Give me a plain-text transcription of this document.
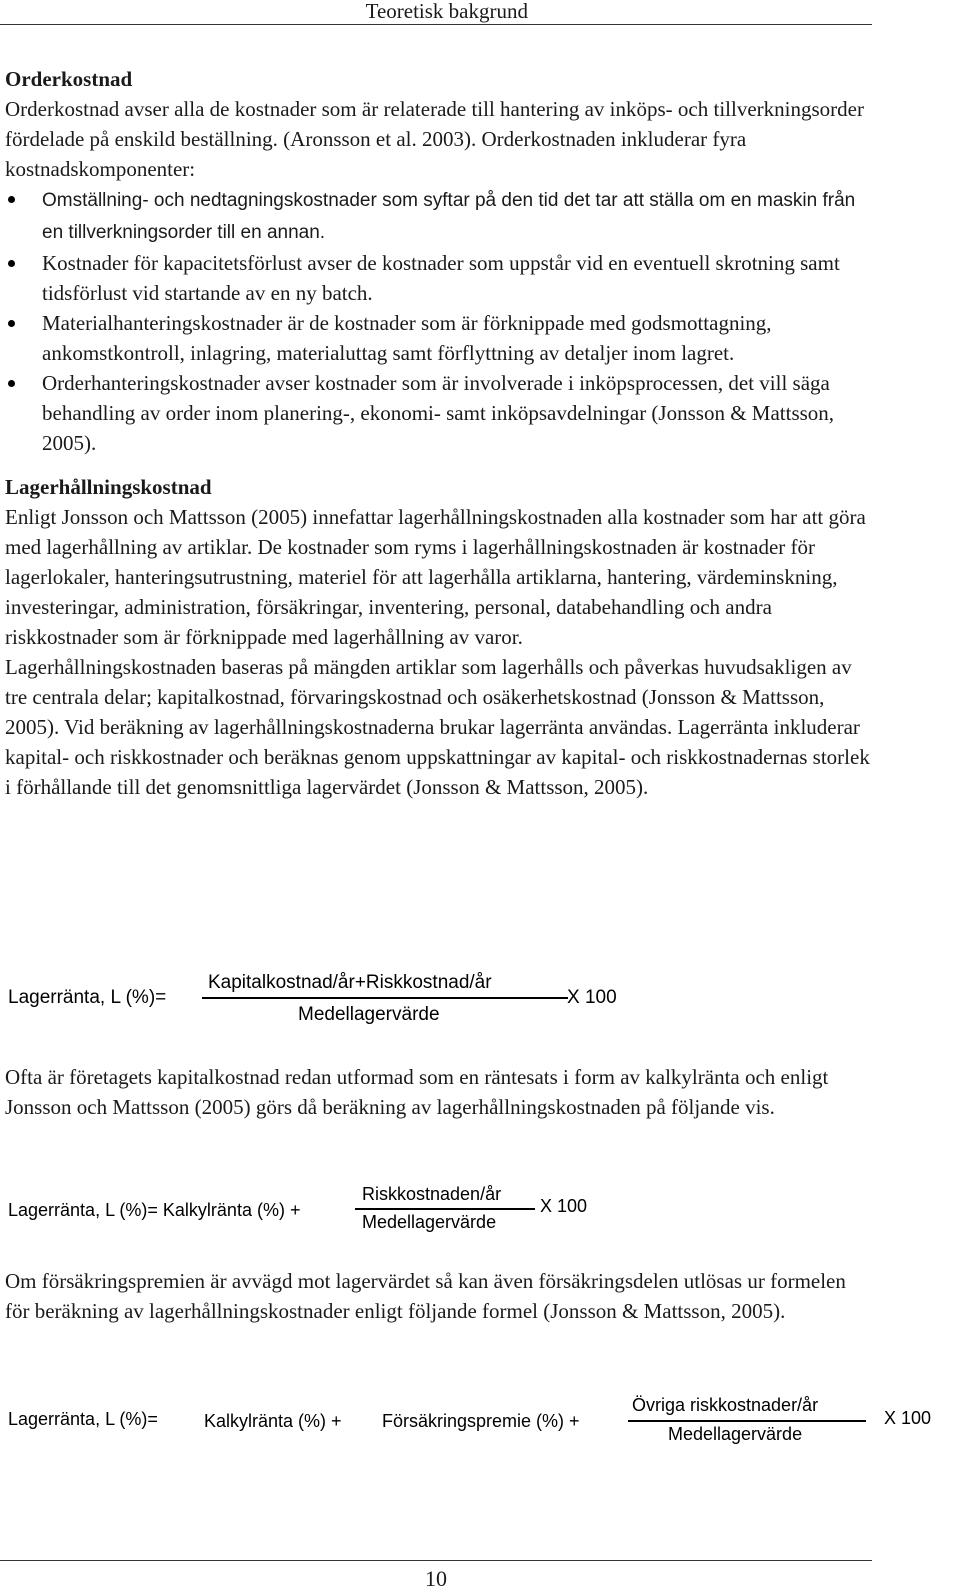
Teoretisk bakgrund
Orderkostnad

Orderkostnad avser alla de kostnader som är relaterade till hantering av inköps- och tillverkningsorder fördelade på enskild beställning. (Aronsson et al. 2003). Orderkostnaden inkluderar fyra kostnadskomponenter:

Omställning- och nedtagningskostnader som syftar på den tid det tar att ställa om en maskin från en tillverkningsorder till en annan.
Kostnader för kapacitetsförlust avser de kostnader som uppstår vid en eventuell skrotning samt tidsförlust vid startande av en ny batch.
Materialhanteringskostnader är de kostnader som är förknippade med godsmottagning, ankomstkontroll, inlagring, materialuttag samt förflyttning av detaljer inom lagret.
Orderhanteringskostnader avser kostnader som är involverade i inköpsprocessen, det vill säga behandling av order inom planering-, ekonomi- samt inköpsavdelningar (Jonsson & Mattsson, 2005).
Lagerhållningskostnad

Enligt Jonsson och Mattsson (2005) innefattar lagerhållningskostnaden alla kostnader som har att göra med lagerhållning av artiklar. De kostnader som ryms i lagerhållningskostnaden är kostnader för lagerlokaler, hanteringsutrustning, materiel för att lagerhålla artiklarna, hantering, värdeminskning, investeringar, administration, försäkringar, inventering, personal, databehandling och andra riskkostnader som är förknippade med lagerhållning av varor.

Lagerhållningskostnaden baseras på mängden artiklar som lagerhålls och påverkas huvudsakligen av tre centrala delar; kapitalkostnad, förvaringskostnad och osäkerhetskostnad (Jonsson & Mattsson, 2005). Vid beräkning av lagerhållningskostnaderna brukar lagerränta användas. Lagerränta inkluderar kapital- och riskkostnader och beräknas genom uppskattningar av kapital- och riskkostnadernas storlek i förhållande till det genomsnittliga lagervärdet (Jonsson & Mattsson, 2005).

Lagerränta, L (%)=
Kapitalkostnad/år+Riskkostnad/år
Medellagervärde
X 100

Ofta är företagets kapitalkostnad redan utformad som en räntesats i form av kalkylränta och enligt Jonsson och Mattsson (2005) görs då beräkning av lagerhållningskostnaden på följande vis.

Lagerränta, L (%)= Kalkylränta (%) +
Riskkostnaden/år
Medellagervärde
X 100

Om försäkringspremien är avvägd mot lagervärdet så kan även försäkringsdelen utlösas ur formelen för beräkning av lagerhållningskostnader enligt följande formel (Jonsson & Mattsson, 2005).

Lagerränta, L (%)=	Kalkylränta (%) + Försäkringspremie (%) +
Övriga riskkostnader/år
Medellagervärde
X 100
10
